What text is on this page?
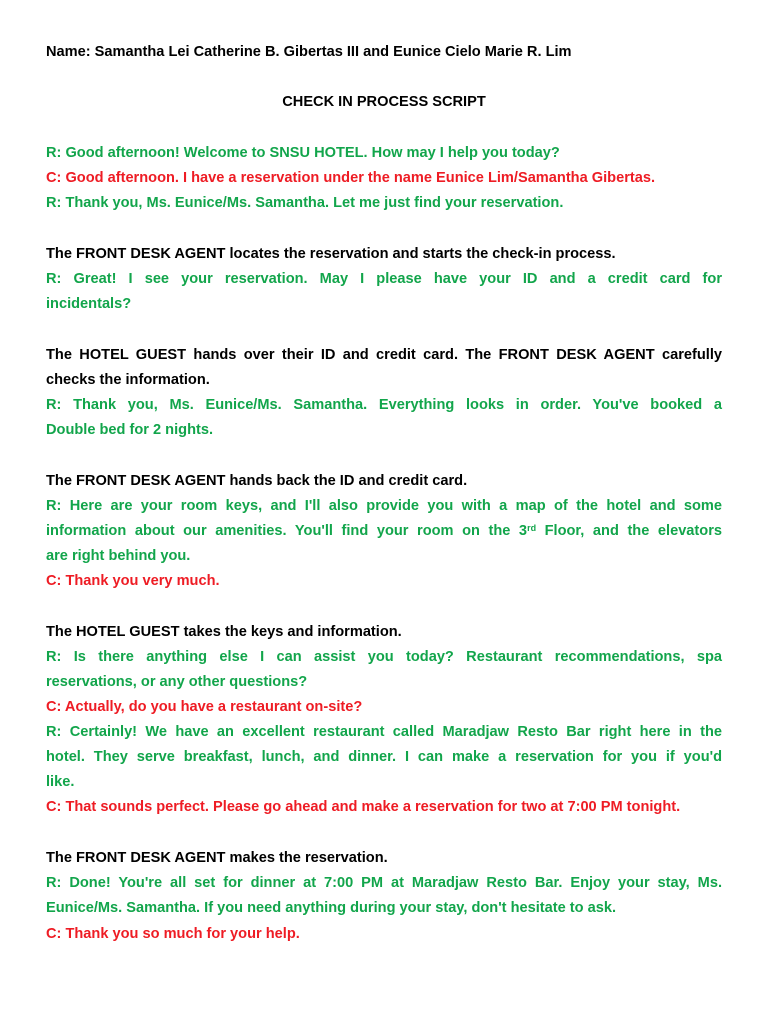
Name: Samantha Lei Catherine B. Gibertas III and Eunice Cielo Marie R. Lim
CHECK IN PROCESS SCRIPT
R: Good afternoon! Welcome to SNSU HOTEL. How may I help you today?
C: Good afternoon. I have a reservation under the name Eunice Lim/Samantha Gibertas.
R: Thank you, Ms. Eunice/Ms. Samantha. Let me just find your reservation.
The FRONT DESK AGENT locates the reservation and starts the check-in process.
R: Great! I see your reservation. May I please have your ID and a credit card for
incidentals?
The HOTEL GUEST hands over their ID and credit card. The FRONT DESK AGENT carefully
checks the information.
R: Thank you, Ms. Eunice/Ms. Samantha. Everything looks in order. You've booked a
Double bed for 2 nights.
The FRONT DESK AGENT hands back the ID and credit card.
R: Here are your room keys, and I'll also provide you with a map of the hotel and some
information about our amenities. You'll find your room on the 3rd Floor, and the elevators
are right behind you.
C: Thank you very much.
The HOTEL GUEST takes the keys and information.
R: Is there anything else I can assist you today? Restaurant recommendations, spa
reservations, or any other questions?
C: Actually, do you have a restaurant on-site?
R: Certainly! We have an excellent restaurant called Maradjaw Resto Bar right here in the
hotel. They serve breakfast, lunch, and dinner. I can make a reservation for you if you'd
like.
C: That sounds perfect. Please go ahead and make a reservation for two at 7:00 PM tonight.
The FRONT DESK AGENT makes the reservation.
R: Done! You're all set for dinner at 7:00 PM at Maradjaw Resto Bar. Enjoy your stay, Ms.
Eunice/Ms. Samantha. If you need anything during your stay, don't hesitate to ask.
C: Thank you so much for your help.
